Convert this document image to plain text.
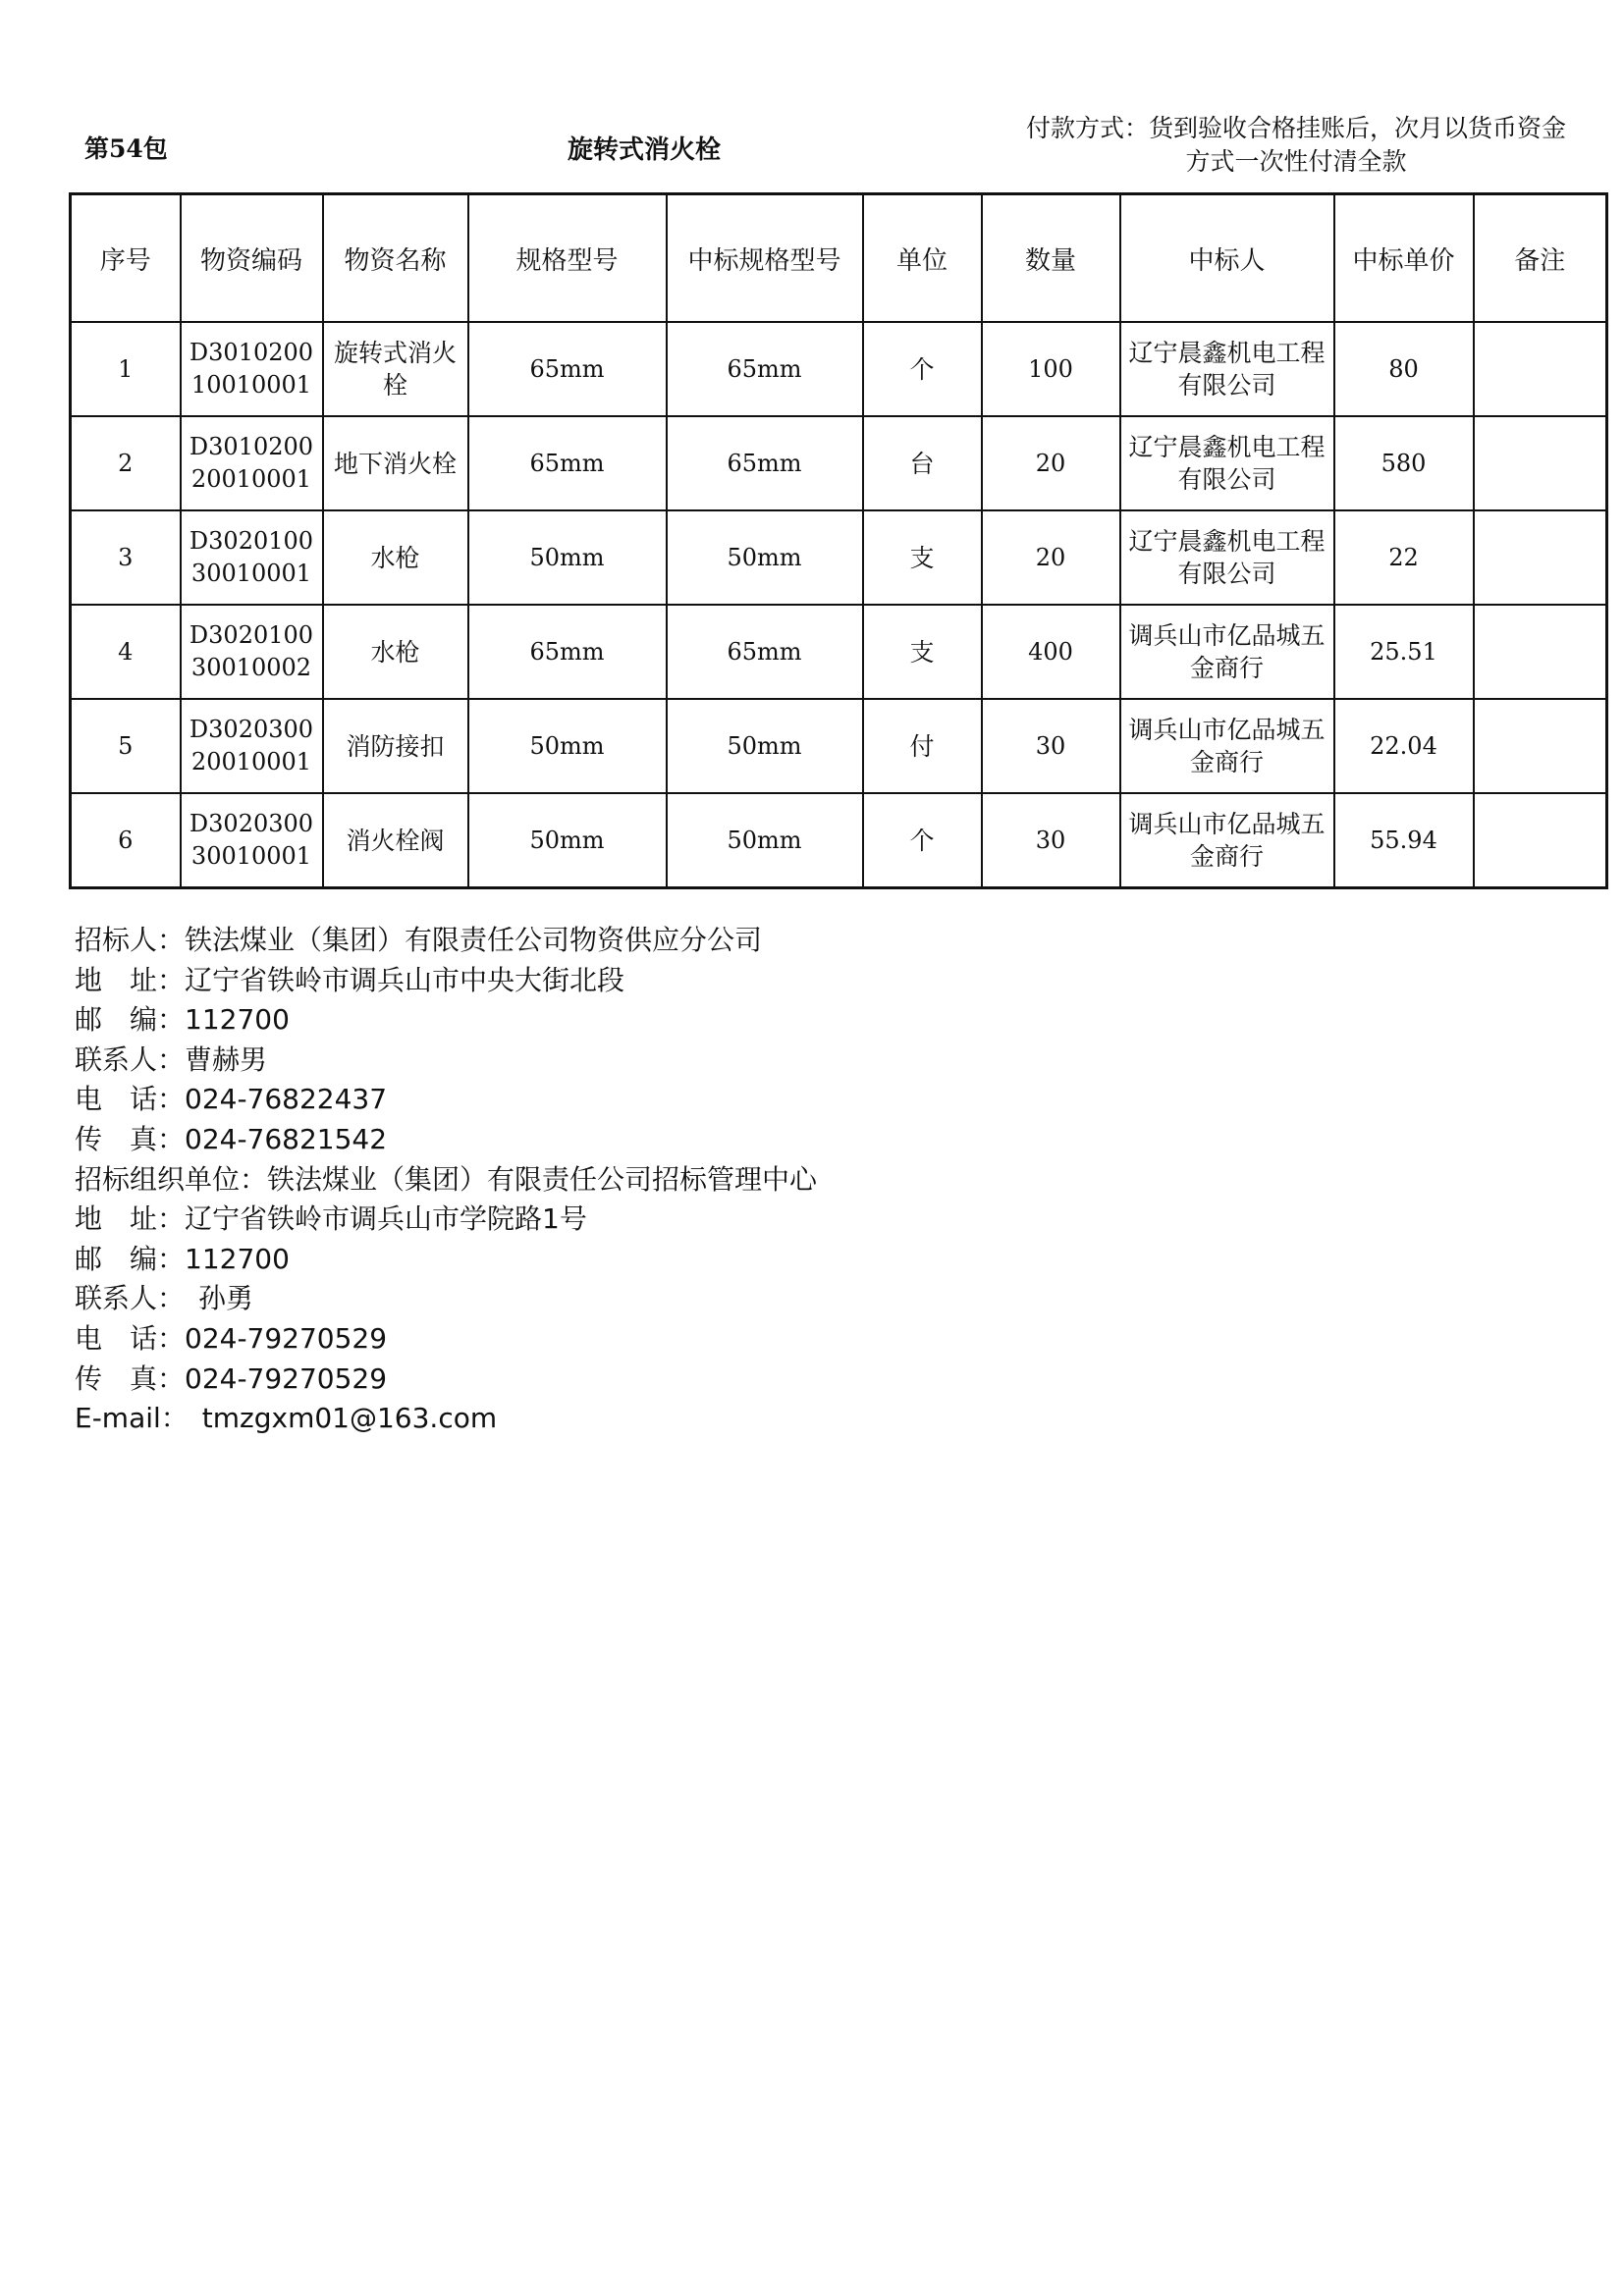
第54包	旋转式消火栓
付款方式：货到验收合格挂账后，次月以货币资金
方式一次性付清全款
序号	物资编码	物资名称	规格型号	中标规格型号	单位	数量	中标人	中标单价	备注
1	D301020010010001	旋转式消火栓	65mm	65mm	个	100	辽宁晨鑫机电工程有限公司	80	
2	D301020020010001	地下消火栓	65mm	65mm	台	20	辽宁晨鑫机电工程有限公司	580	
3	D302010030010001	水枪	50mm	50mm	支	20	辽宁晨鑫机电工程有限公司	22	
4	D302010030010002	水枪	65mm	65mm	支	400	调兵山市亿品城五金商行	25.51	
5	D302030020010001	消防接扣	50mm	50mm	付	30	调兵山市亿品城五金商行	22.04	
6	D302030030010001	消火栓阀	50mm	50mm	个	30	调兵山市亿品城五金商行	55.94	
招标人：铁法煤业（集团）有限责任公司物资供应分公司
地　址：辽宁省铁岭市调兵山市中央大街北段
邮　编：112700
联系人：曹赫男
电　话：024-76822437
传　真：024-76821542
招标组织单位：铁法煤业（集团）有限责任公司招标管理中心
地　址：辽宁省铁岭市调兵山市学院路1号
邮　编：112700
联系人：　孙勇
电　话：024-79270529
传　真：024-79270529
E-mail：　tmzgxm01@163.com
